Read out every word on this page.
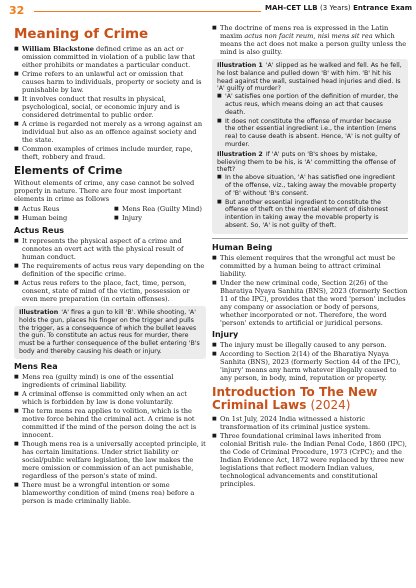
32	MAH-CET LLB (3 Years) Entrance Exam
Meaning of Crime
■ William Blackstone defined crime as an act or omission committed in violation of a public law that either prohibits or mandates a particular conduct.
■ Crime refers to an unlawful act or omission that causes harm to individuals, property or society and is punishable by law.
■ It involves conduct that results in physical, psychological, social, or economic injury and is considered detrimental to public order.
■ A crime is regarded not merely as a wrong against an individual but also as an offence against society and the state.
■ Common examples of crimes include murder, rape, theft, robbery and fraud.
Elements of Crime

Without elements of crime, any case cannot be solved properly in nature. There are four most important elements in crime as follows

■ Actus Reus	■ Mens Rea (Guilty Mind)
■ Human being	■ Injury
Actus Reus
■ It represents the physical aspect of a crime and connotes an overt act with the physical result of human conduct.
■ The requirements of actus reus vary depending on the definition of the specific crime.
■ Actus reus refers to the place, fact, time, person, consent, state of mind of the victim, possession or even mere preparation (in certain offenses).
Illustration 'A' fires a gun to kill 'B'. While shooting, 'A' holds the gun, places his finger on the trigger and pulls the trigger, as a consequence of which the bullet leaves the gun. To constitute an actus reus for murder, there must be a further consequence of the bullet entering 'B's body and thereby causing his death or injury.
Mens Rea
■ Mens rea (guilty mind) is one of the essential ingredients of criminal liability.
■ A criminal offense is committed only when an act which is forbidden by law is done voluntarily.
■ The term mens rea applies to volition, which is the motive force behind the criminal act. A crime is not committed if the mind of the person doing the act is innocent.
■ Though mens rea is a universally accepted principle, it has certain limitations. Under strict liability or social/public welfare legislation, the law makes the mere omission or commission of an act punishable, regardless of the person's state of mind.
■ There must be a wrongful intention or some blameworthy condition of mind (mens rea) before a person is made criminally liable.
■ The doctrine of mens rea is expressed in the Latin maxim actus non facit reum, nisi mens sit rea which means the act does not make a person guilty unless the mind is also guilty.

Illustration 1 'A' slipped as he walked and fell. As he fell, he lost balance and pulled down 'B' with him. 'B' hit his head against the wall, sustained head injuries and died. Is 'A' guilty of murder?

■ 'A' satisfies one portion of the definition of murder, the actus reus, which means doing an act that causes death.
■ It does not constitute the offense of murder because the other essential ingredient i.e., the intention (mens rea) to cause death is absent. Hence, 'A' is not guilty of murder.

Illustration 2 If 'A' puts on 'B's shoes by mistake, believing them to be his, is 'A' committing the offense of theft?

■ In the above situation, 'A' has satisfied one ingredient of the offense, viz., taking away the movable property of 'B' without 'B's consent.
■ But another essential ingredient to constitute the offense of theft on the mental element of dishonest intention in taking away the movable property is absent. So, 'A' is not guilty of theft.
Human Being
■ This element requires that the wrongful act must be committed by a human being to attract criminal liability.
■ Under the new criminal code, Section 2(26) of the Bharatiya Nyaya Sanhita (BNS), 2023 (formerly Section 11 of the IPC), provides that the word 'person' includes any company or association or body of persons, whether incorporated or not. Therefore, the word 'person' extends to artificial or juridical persons.
Injury
■ The injury must be illegally caused to any person.
■ According to Section 2(14) of the Bharatiya Nyaya Sanhita (BNS), 2023 (formerly Section 44 of the IPC), 'injury' means any harm whatever illegally caused to any person, in body, mind, reputation or property.
Introduction To The New Criminal Laws (2024)
■ On 1st July, 2024 India witnessed a historic transformation of its criminal justice system.
■ Three foundational criminal laws inherited from colonial British rule- the Indian Penal Code, 1860 (IPC), the Code of Criminal Procedure, 1973 (CrPC); and the Indian Evidence Act, 1872 were replaced by three new legislations that reflect modern Indian values, technological advancements and constitutional principles.
